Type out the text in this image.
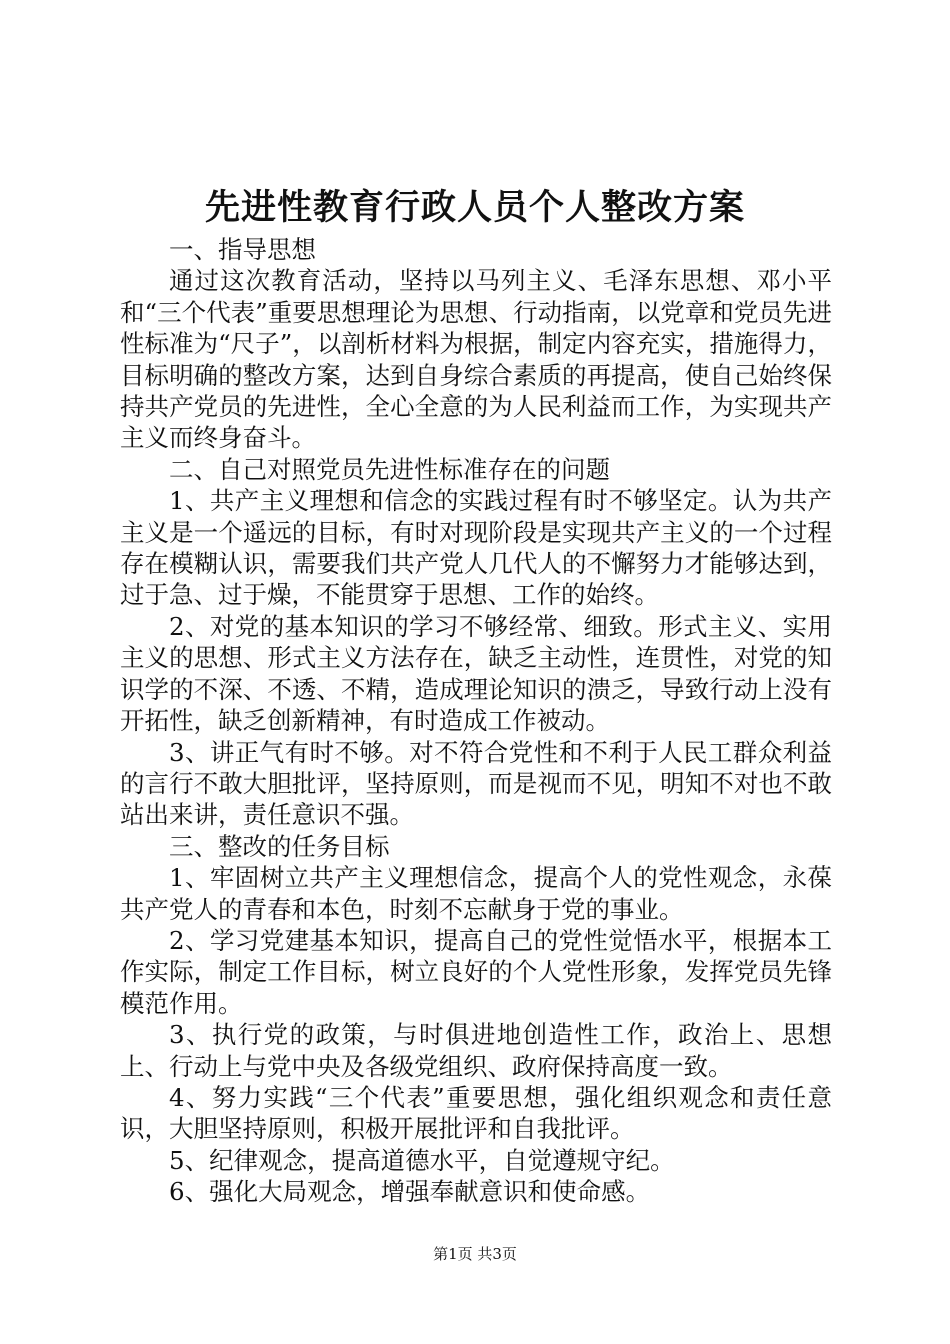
先进性教育行政人员个人整改方案

一、指导思想

通过这次教育活动，坚持以马列主义、毛泽东思想、邓小平和“三个代表”重要思想理论为思想、行动指南，以党章和党员先进性标准为“尺子”，以剖析材料为根据，制定内容充实，措施得力，目标明确的整改方案，达到自身综合素质的再提高，使自己始终保持共产党员的先进性，全心全意的为人民利益而工作，为实现共产主义而终身奋斗。

二、自己对照党员先进性标准存在的问题

1、共产主义理想和信念的实践过程有时不够坚定。认为共产主义是一个遥远的目标，有时对现阶段是实现共产主义的一个过程存在模糊认识，需要我们共产党人几代人的不懈努力才能够达到，过于急、过于燥，不能贯穿于思想、工作的始终。

2、对党的基本知识的学习不够经常、细致。形式主义、实用主义的思想、形式主义方法存在，缺乏主动性，连贯性，对党的知识学的不深、不透、不精，造成理论知识的溃乏，导致行动上没有开拓性，缺乏创新精神，有时造成工作被动。

3、讲正气有时不够。对不符合党性和不利于人民工群众利益的言行不敢大胆批评，坚持原则，而是视而不见，明知不对也不敢站出来讲，责任意识不强。

三、整改的任务目标

1、牢固树立共产主义理想信念，提高个人的党性观念，永葆共产党人的青春和本色，时刻不忘献身于党的事业。

2、学习党建基本知识，提高自己的党性觉悟水平，根据本工作实际，制定工作目标，树立良好的个人党性形象，发挥党员先锋模范作用。

3、执行党的政策，与时俱进地创造性工作，政治上、思想上、行动上与党中央及各级党组织、政府保持高度一致。

4、努力实践“三个代表”重要思想，强化组织观念和责任意识，大胆坚持原则，积极开展批评和自我批评。

5、纪律观念，提高道德水平，自觉遵规守纪。

6、强化大局观念，增强奉献意识和使命感。

第1页 共3页
